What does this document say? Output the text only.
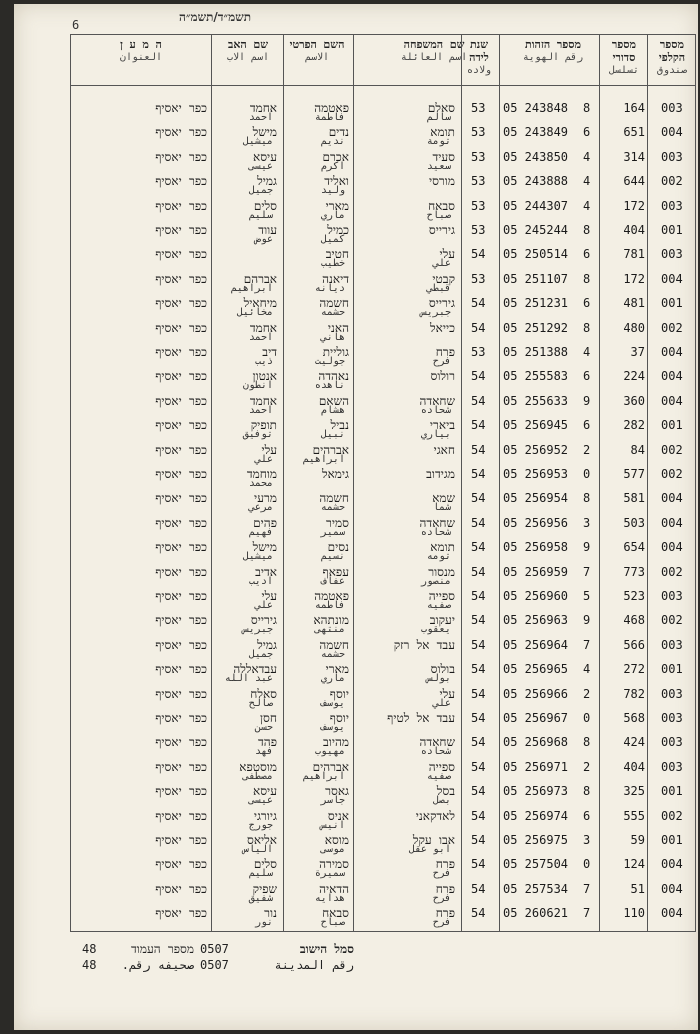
תשמ״ד/תשמ״ה
6
ה מ ע ן
العنوان
שם האב
اسم الاب
השם הפרטי
الاسم
שם המשפחה
اسم العائلة
שנת לידה
ولاده
מספר הזהות
رقم الهوية
מספר סדורי
تسلسل
מספר הקלפי
صندوق
003
164
8
05 243848
53
סאלם
פאטמה
אחמד
כפר יאסיף
سالم
فاطمة
احمد
004
651
6
05 243849
53
תומא
נדים
מישל
כפר יאסיף
تومة
نديم
ميشيل
003
314
4
05 243850
53
סעיד
אכרם
עיסא
כפר יאסיף
سعيد
اكرم
عيسى
002
644
4
05 243888
53
מורסי
ואליד
גמיל
כפר יאסיף
وليد
جميل
003
172
4
05 244307
53
סבאח
מארי
סלים
כפר יאסיף
صباح
ماري
سليم
001
404
8
05 245244
53
גירייס
כמיל
עווד
כפר יאסיף
كميل
عوض
003
781
6
05 250514
54
עלי
חטיב
כפר יאסיף
علي
خطيب
004
172
8
05 251107
53
קבטי
דיאנה
אברהם
כפר יאסיף
قبطي
ديانه
ابراهيم
001
481
6
05 251231
54
גירייס
חשמה
מיחאיל
כפר יאסיף
جبريس
حشمه
مخائيل
002
480
8
05 251292
54
כייאל
האני
אחמד
כפר יאסיף
هاني
احمد
004
37
4
05 251388
53
פרח
גוליית
דיב
כפר יאסיף
فرح
جوليت
ذيب
004
224
6
05 255583
54
רולוס
נאהדה
אנטון
כפר יאסיף
ناهده
انطون
004
360
9
05 255633
54
שחאדה
השאם
אחמד
כפר יאסיף
شحاده
هشام
احمد
001
282
6
05 256945
54
ביארי
נביל
תופיק
כפר יאסיף
بياري
نبيل
توفيق
002
84
2
05 256952
54
חאגי
אברהים
עלי
כפר יאסיף
ابراهيم
علي
002
577
0
05 256953
54
מגידוב
גימאל
מוחמד
כפר יאסיף
محمد
004
581
8
05 256954
54
שמא
חשמה
מרעי
כפר יאסיף
شما
حشمه
مرعي
004
503
3
05 256956
54
שחאדה
סמיר
פהים
כפר יאסיף
شحاده
سمير
فهيم
004
654
9
05 256958
54
תומא
נסים
מישל
כפר יאסיף
تومه
نسيم
ميشيل
002
773
7
05 256959
54
מנסור
עפאף
אדיב
כפר יאסיף
منصور
عفاف
اديب
003
523
5
05 256960
54
ספייה
פאטמה
עלי
כפר יאסיף
صفيه
فاطمه
علي
002
468
9
05 256963
54
יעקוב
מונתהא
גירייס
כפר יאסיף
يعقوب
منتهى
جبريس
003
566
7
05 256964
54
עבד אל רזק
חשמה
גמיל
כפר יאסיף
حشمه
جميل
001
272
4
05 256965
54
בולוס
מארי
עבדאללה
כפר יאסיף
بولس
ماري
عبد الله
003
782
2
05 256966
54
עלי
יוסף
סאלח
כפר יאסיף
علي
يوسف
صالح
003
568
0
05 256967
54
עבד אל לטיף
יוסף
חסן
כפר יאסיף
يوسف
حسن
003
424
8
05 256968
54
שחאדה
מהיוב
פהד
כפר יאסיף
شحاده
مهيوب
فهد
003
404
2
05 256971
54
ספייה
אברהים
מוסטפא
כפר יאסיף
صفيه
ابراهيم
مصطفى
001
325
8
05 256973
54
בסל
גאסר
עיסא
כפר יאסיף
بصل
جاسر
عيسى
002
555
6
05 256974
54
לאדקאני
אניס
גיורגי
כפר יאסיף
انيس
جورج
001
59
3
05 256975
54
אבו עקל
מוסא
אליאס
כפר יאסיף
ابو عقل
موسى
الياس
004
124
0
05 257504
54
פרח
סמירה
סלים
כפר יאסיף
فرح
سميرة
سليم
004
51
7
05 257534
54
פרח
הדאיה
שפיק
כפר יאסיף
فرح
هدايه
شفيق
004
110
7
05 260621
54
פרח
סבאח
נור
כפר יאסיף
فرح
صباح
نور
סמל הישוב
0507
מספר העמוד
48
رقم المدينة
0507
صحيفه رقم.
48
